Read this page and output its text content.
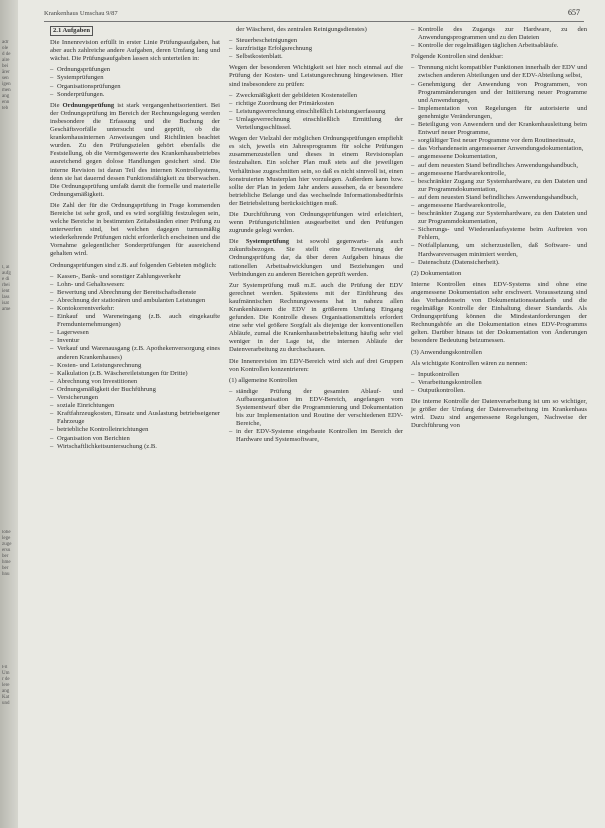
adr
ole
d de
aire
bei
ärer
sen
igen
men
ang
enn
teb
l, al
aufg
e di
rbei
ient
lass
isat
ame
lohe
lege
zuge
ersu
ber
hme
ber
hnu
Fil
Um
r de
lere
ang
Kat
und
Krankenhaus Umschau 9/87	657

2.1 Aufgaben

Die Innenrevision erfüllt in erster Linie Prüfungsaufgaben, hat aber auch zahlreiche andere Aufgaben, deren Umfang lang und wächst. Die Prüfungsaufgaben lassen sich unterteilen in:

– Ordnungsprüfungen
– Systemprüfungen
– Organisationsprüfungen
– Sonderprüfungen.

Die Ordnungsprüfung ist stark vergangenheitsorientiert. Bei der Ordnungsprüfung im Bereich der Rechnungslegung werden insbesondere die Erfassung und die Buchung der Geschäftsvorfälle untersucht und geprüft, ob die krankenhausinternen Anweisungen und Richtlinien beachtet wurden. Zu den Prüfungszielen gehört ebenfalls die Feststellung, ob die Vermögenswerte des Krankenhausbetriebes ausreichend gegen dolose Handlungen gesichert sind. Die interne Revision ist daran Teil des internen Kontrollsystems, denn sie hat dauernd dessen Funktionsfähigkeit zu überwachen. Die Ordnungsprüfung umfaßt damit die formelle und materielle Ordnungsmäßigkeit.

Die Zahl der für die Ordnungsprüfung in Frage kommenden Bereiche ist sehr groß, und es wird sorgfältig festzulegen sein, welche Bereiche in bestimmten Zeitabständen einer Prüfung zu unterwerfen sind, bei welchen dagegen turnusmäßig wiederkehrende Prüfungen nicht erforderlich erscheinen und die Vornahme gelegentlicher Sonderprüfungen für ausreichend gehalten wird.

Ordnungsprüfungen sind z.B. auf folgenden Gebieten möglich:

– Kassen-, Bank- und sonstiger Zahlungsverkehr
– Lohn- und Gehaltswesen:
– Bewertung und Abrechnung der Bereitschaftsdienste
– Abrechnung der stationären und ambulanten Leistungen
– Kontokorrentverkehr:
– Einkauf und Wareneingang (z.B. auch eingekaufte Fremdunternehmungen)
– Lagerwesen
– Inventur
– Verkauf und Warenausgang (z.B. Apothekenversorgung eines anderen Krankenhauses)
– Kosten- und Leistungsrechnung
– Kalkulation (z.B. Wäschereileistungen für Dritte)
– Abrechnung von Investitionen
– Ordnungsmäßigkeit der Buchführung
– Versicherungen
– soziale Einrichtungen
– Kraftfahrzeugkosten, Einsatz und Auslastung betriebseigener Fahrzeuge
– betriebliche Kontrolleinrichtungen
– Organisation von Berichten
– Wirtschaftlichkeitsuntersuchung (z.B.

der Wäscherei, des zentralen Reinigungsdienstes)

– Steuerbescheinigungen
– kurzfristige Erfolgsrechnung
– Selbstkostenblatt.

Wegen der besonderen Wichtigkeit sei hier noch einmal auf die Prüfung der Kosten- und Leistungsrechnung hingewiesen. Hier sind insbesondere zu prüfen:

– Zweckmäßigkeit der gebildeten Kostenstellen
– richtige Zuordnung der Primärkosten
– Leistungsverrechnung einschließlich Leistungserfassung
– Umlageverrechnung einschließlich Ermittlung der Verteilungsschlüssel.

Wegen der Vielzahl der möglichen Ordnungsprüfungen empfiehlt es sich, jeweils ein Jahresprogramm für solche Prüfungen zusammenzustellen und dieses in einem Revisionsplan festzuhalten. Ein solcher Plan muß stets auf die jeweiligen Verhältnisse zugeschnitten sein, so daß es nicht sinnvoll ist, einen konstruierten Musterplan hier vorzulegen. Außerdem kann bzw. sollte der Plan in jedem Jahr anders aussehen, da er besondere betriebliche Belange und das wechselnde Informationsbedürfnis der Betriebsleitung berücksichtigen muß.

Die Durchführung von Ordnungsprüfungen wird erleichtert, wenn Prüfungsrichtlinien ausgearbeitet und den Prüfungen zugrunde gelegt werden.

Die Systemprüfung ist sowohl gegenwarts- als auch zukunftsbezogen. Sie stellt eine Erweiterung der Ordnungsprüfung dar, da über deren Aufgaben hinaus die rationellen Arbeitsabwicklungen und Beziehungen und Verbindungen zu anderen Bereichen geprüft werden.

Zur Systemprüfung muß m.E. auch die Prüfung der EDV gerechnet werden. Spätestens mit der Einführung des kaufmännischen Rechnungswesens hat in nahezu allen Krankenhäusern die EDV in größerem Umfang Eingang gefunden. Die Kontrolle dieses Organisationsmittels erfordert eine sehr viel größere Sorgfalt als diejenige der konventionellen Abläufe, zumal die Krankenhausbetriebsleitung häufig sehr viel weniger in der Lage ist, die internen Abläufe der Datenverarbeitung zu durchschauen.

Die Innenrevision im EDV-Bereich wird sich auf drei Gruppen von Kontrollen konzentrieren:

(1) allgemeine Kontrollen

– ständige Prüfung der gesamten Ablauf- und Aufbauorganisation im EDV-Bereich, angefangen vom Systementwurf über die Programmierung und Dokumentation bis zur Implementation und Routine der verschiedenen EDV-Bereiche,
– in der EDV-Systeme eingebaute Kontrollen im Bereich der Hardware und Systemsoftware,
– Kontrolle des Zugangs zur Hardware, zu den Anwendungsprogrammen und zu den Dateien
– Kontrolle der regelmäßigen täglichen Arbeitsabläufe.

Folgende Kontrollen sind denkbar:

– Trennung nicht kompatibler Funktionen innerhalb der EDV und zwischen anderen Abteilungen und der EDV-Abteilung selbst,
– Genehmigung der Anwendung von Programmen, von Programmänderungen und der Initiierung neuer Programme und Anwendungen,
– Implementation von Regelungen für autorisierte und genehmigte Veränderungen,
– Beteiligung von Anwendern und der Krankenhausleitung beim Entwurf neuer Programme,
– sorgfältiger Test neuer Programme vor dem Routineeinsatz,
– das Vorhandensein angemessener Anwendungsdokumentation,
– angemessene Dokumentation,
– auf dem neuesten Stand befindliches Anwendungshandbuch,
– angemessene Hardwarekontrolle,
– beschränkter Zugang zur Systemhardware, zu den Dateien und zur Programmdokumentation,
– auf dem neuesten Stand befindliches Anwendungshandbuch,
– angemessene Hardwarekontrolle,
– beschränkter Zugang zur Systemhardware, zu den Dateien und zur Programmdokumentation,
– Sicherungs- und Wiederanlaufsysteme beim Auftreten von Fehlern,
– Notfallplanung, um sicherzustellen, daß Software- und Hardwareversagen minimiert werden,
– Datenschutz (Datensicherheit).

(2) Dokumentation

Interne Kontrollen eines EDV-Systems sind ohne eine angemessene Dokumentation sehr erschwert. Voraussetzung sind das Vorhandensein von Dokumentationsstandards und die regelmäßige Kontrolle der Einhaltung dieser Standards. Als Ordnungsprüfung können die Mindestanforderungen der Rechnungshöfe an die Dokumentation eines EDV-Programms gelten. Darüber hinaus ist der Dokumentation von Änderungen besondere Bedeutung beizumessen.

(3) Anwendungskontrollen

Als wichtigste Kontrollen wären zu nennen:

– Inputkontrollen
– Verarbeitungskontrollen
– Outputkontrollen.

Die interne Kontrolle der Datenverarbeitung ist um so wichtiger, je größer der Umfang der Datenverarbeitung im Krankenhaus wird. Dazu sind angemessene Regelungen, Nachweise der Durchführung von
